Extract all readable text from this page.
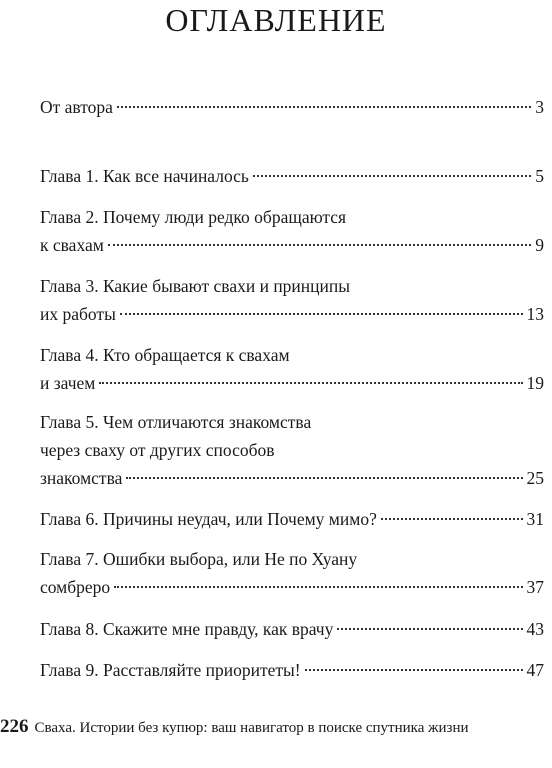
ОГЛАВЛЕНИЕ
От автора	3
Глава 1. Как все начиналось	5
Глава 2. Почему люди редко обращаются
к свахам	9
Глава 3. Какие бывают свахи и принципы
их работы	13
Глава 4. Кто обращается к свахам
и зачем	19
Глава 5. Чем отличаются знакомства
через сваху от других способов
знакомства	25
Глава 6. Причины неудач, или Почему мимо?	31
Глава 7. Ошибки выбора, или Не по Хуану
сомбреро	37
Глава 8. Скажите мне правду, как врачу	43
Глава 9. Расставляйте приоритеты!	47
226 Сваха. Истории без купюр: ваш навигатор в поиске спутника жизни
